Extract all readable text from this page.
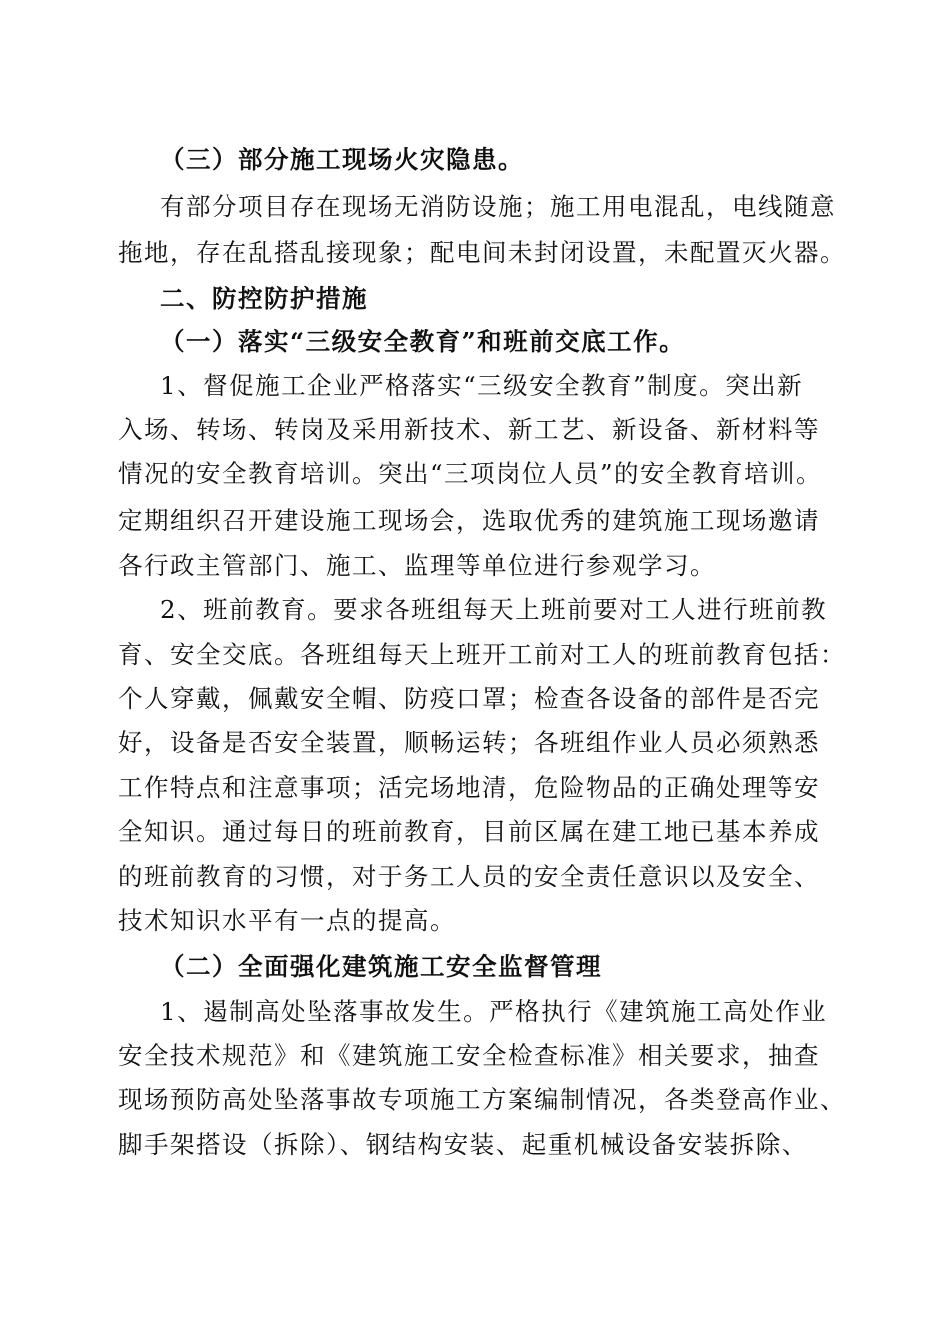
（三）部分施工现场火灾隐患。
有部分项目存在现场无消防设施；施工用电混乱，电线随意
拖地，存在乱搭乱接现象；配电间未封闭设置，未配置灭火器。
二、防控防护措施
（一）落实“三级安全教育”和班前交底工作。
1、督促施工企业严格落实“三级安全教育”制度。突出新
入场、转场、转岗及采用新技术、新工艺、新设备、新材料等
情况的安全教育培训。突出“三项岗位人员”的安全教育培训。
定期组织召开建设施工现场会，选取优秀的建筑施工现场邀请
各行政主管部门、施工、监理等单位进行参观学习。
2、班前教育。要求各班组每天上班前要对工人进行班前教
育、安全交底。各班组每天上班开工前对工人的班前教育包括：
个人穿戴，佩戴安全帽、防疫口罩；检查各设备的部件是否完
好，设备是否安全装置，顺畅运转；各班组作业人员必须熟悉
工作特点和注意事项；活完场地清，危险物品的正确处理等安
全知识。通过每日的班前教育，目前区属在建工地已基本养成
的班前教育的习惯，对于务工人员的安全责任意识以及安全、
技术知识水平有一点的提高。
（二）全面强化建筑施工安全监督管理
1、遏制高处坠落事故发生。严格执行《建筑施工高处作业
安全技术规范》和《建筑施工安全检查标准》相关要求，抽查
现场预防高处坠落事故专项施工方案编制情况，各类登高作业、
脚手架搭设（拆除）、钢结构安装、起重机械设备安装拆除、
